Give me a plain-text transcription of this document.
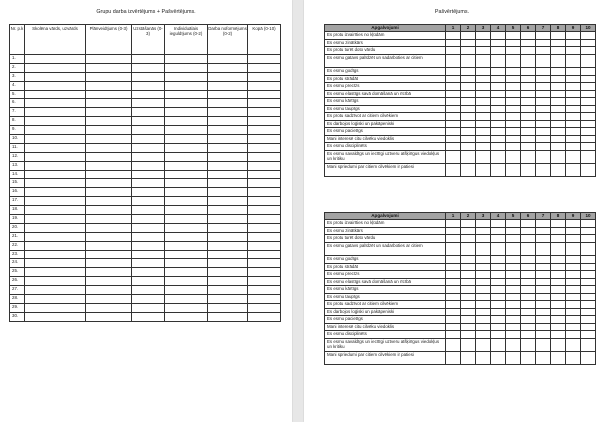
Grupu darba izvērtējums + Pašvērtējums.
Nr. p.k	Skolēna vārds, uzvārds	Plānveidījums (0-3)	Uzstāšanās (0-3)	Individuālais ieguldījums (0-2)	Darba noformējums (0-2)	Kopā (0-10)
1.						
2.						
3.						
4.						
5.						
6.						
7.						
8.						
9.						
10.						
11.						
12.						
13.						
14.						
15.						
16.						
17.						
18.						
19.						
20.						
21.						
22.						
23.						
24.						
25.						
26.						
27.						
28.						
29.						
30.						
Pašvērtējums.
Apgalvojumi	1	2	3	4	5	6	7	8	9	10
Es protu izvairīties no kļūdām										
Es esmu zinātkārs										
Es protu turēt doto vārdu										
Es esmu gatavs palīdzēt un sadarboties ar citiem										
Es esmu godīgs										
Es protu strādāt										
Es esmu precīzs										
Es esmu elastīgs savā domāšanā un rīcībā										
Es esmu kārtīgs										
Es esmu taupīgs										
Es protu sadzīvot ar citiem cilvēkiem										
Es darbojos loģiski un pakāpeniski										
Es esmu pacietīgs										
Mani interesē citu cilvēku viedoklis										
Es esmu disciplinēts										
Es esmu savaldīgs un iecītīgi uztveru atšķirīgus viedokļus un kritiku										
Mani spriedumi par citiem cilvēkiem ir patiesi										
Apgalvojumi	1	2	3	4	5	6	7	8	9	10
Es protu izvairīties no kļūdām										
Es esmu zinātkārs										
Es protu turēt doto vārdu										
Es esmu gatavs palīdzēt un sadarboties ar citiem										
Es esmu godīgs										
Es protu strādāt										
Es esmu precīzs										
Es esmu elastīgs savā domāšanā un rīcībā										
Es esmu kārtīgs										
Es esmu taupīgs										
Es protu sadzīvot ar citiem cilvēkiem										
Es darbojos loģiski un pakāpeniski										
Es esmu pacietīgs										
Mani interesē citu cilvēku viedoklis										
Es esmu disciplinēts										
Es esmu savaldīgs un iecītīgi uztveru atšķirīgus viedokļus un kritiku										
Mani spriedumi par citiem cilvēkiem ir patiesi										
